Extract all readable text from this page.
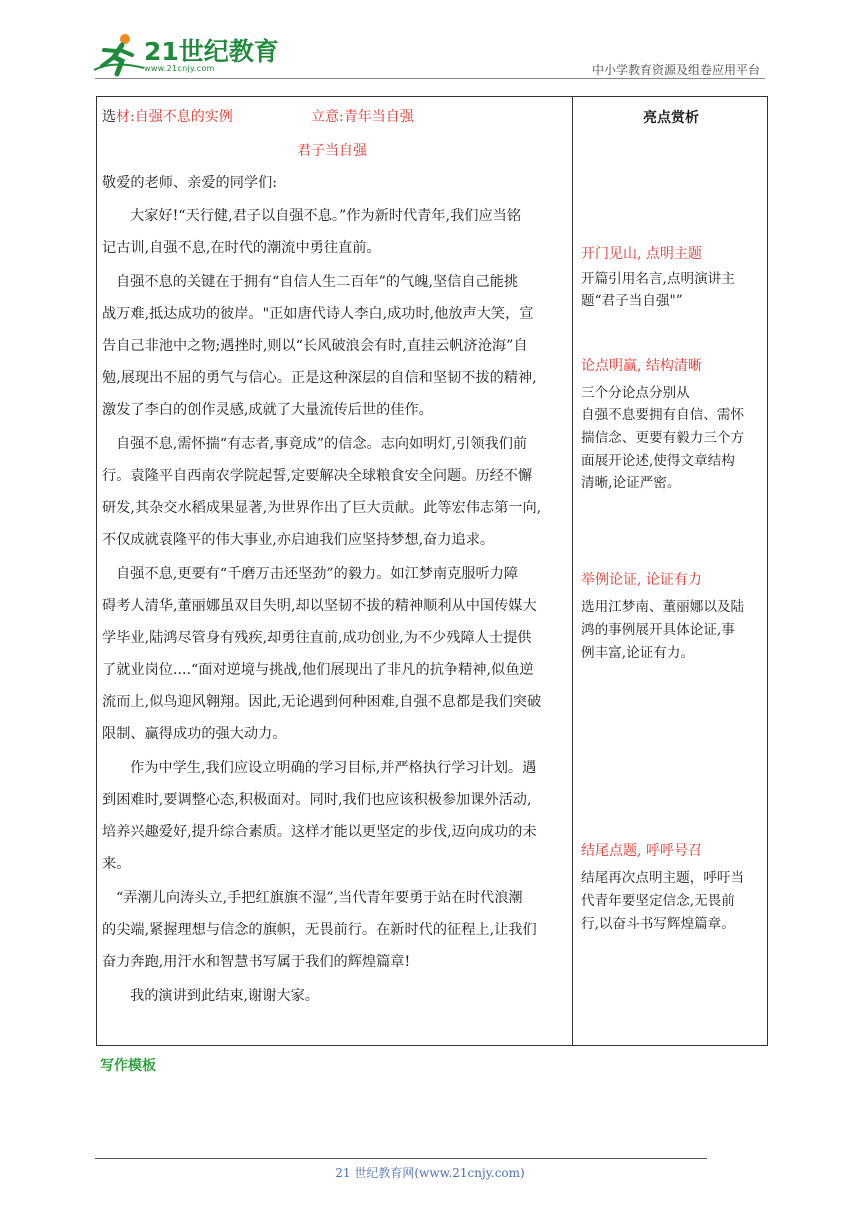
21世纪教育
www.21cnjy.com	中小学教育资源及组卷应用平台
选材:自强不息的实例	立意:青年当自强
君子当自强
敬爱的老师、亲爱的同学们:
大家好!“天行健,君子以自强不息。”作为新时代青年,我们应当铭
记古训,自强不息,在时代的潮流中勇往直前。
自强不息的关键在于拥有“自信人生二百年”的气魄,坚信自己能挑
战万难,抵达成功的彼岸。"正如唐代诗人李白,成功时,他放声大笑，宣
告自己非池中之物;遇挫时,则以“长风破浪会有时,直挂云帆济沧海”自
勉,展现出不屈的勇气与信心。正是这种深层的自信和坚韧不拔的精神,
激发了李白的创作灵感,成就了大量流传后世的佳作。
自强不息,需怀揣“有志者,事竟成”的信念。志向如明灯,引领我们前
行。袁隆平自西南农学院起誓,定要解决全球粮食安全问题。历经不懈
研发,其杂交水稻成果显著,为世界作出了巨大贡献。此等宏伟志第一向,
不仅成就袁隆平的伟大事业,亦启迪我们应坚持梦想,奋力追求。
自强不息,更要有“千磨万击还坚劲”的毅力。如江梦南克服听力障
碍考人清华,董丽娜虽双目失明,却以坚韧不拔的精神顺利从中国传媒大
学毕业,陆鸿尽管身有残疾,却勇往直前,成功创业,为不少残障人士提供
了就业岗位....“面对逆境与挑战,他们展现出了非凡的抗争精神,似鱼逆
流而上,似鸟迎风翱翔。因此,无论遇到何种困难,自强不息都是我们突破
限制、赢得成功的强大动力。
作为中学生,我们应设立明确的学习目标,并严格执行学习计划。遇
到困难时,要调整心态,积极面对。同时,我们也应该积极参加课外活动,
培养兴趣爱好,提升综合素质。这样才能以更坚定的步伐,迈向成功的未
来。
“弄潮儿向涛头立,手把红旗旗不湿”,当代青年要勇于站在时代浪潮
的尖端,紧握理想与信念的旗帜，无畏前行。在新时代的征程上,让我们
奋力奔跑,用汗水和智慧书写属于我们的辉煌篇章!
我的演讲到此结束,谢谢大家。
亮点赏析
开门见山, 点明主题
开篇引用名言,点明演讲主
题“君子当自强"”
论点明赢, 结构清晰
三个分论点分别从
自强不息要拥有自信、需怀
揣信念、更要有毅力三个方
面展开论述,使得文章结构
清晰,论证严密。
举例论证, 论证有力
选用江梦南、董丽娜以及陆
鸿的事例展开具体论证,事
例丰富,论证有力。
结尾点题, 呼呼号召
结尾再次点明主题，呼吁当
代青年要坚定信念,无畏前
行,以奋斗书写辉煌篇章。
写作模板
21 世纪教育网(www.21cnjy.com)
